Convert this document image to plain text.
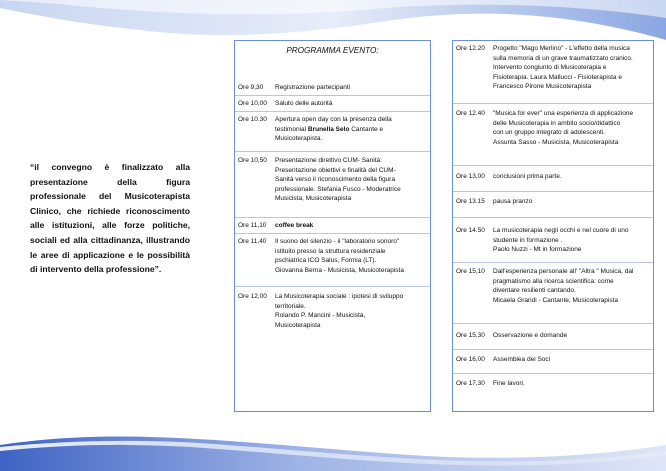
“il convegno è finalizzato alla presentazione della figura professionale del Musicoterapista Clinico, che richiede riconoscimento alle istituzioni, alle forze politiche, sociali ed alla cittadinanza, illustrando le aree di applicazione e le possibilità di intervento della professione”.
PROGRAMMA EVENTO:
Ore 9,30	Registrazione partecipanti
Ore 10,00	Saluto delle autorità
Ore 10.30	Apertura open day con la presenza della
testimonial Brunella Selo Cantante e
Musicoterapista.
Ore 10,50	Presentazione direttivo CUM- Sanità:
Presentazione obiettivi e finalità del CUM-
Sanità verso il riconoscimento della figura
professionale. Stefania Fusco - Moderatrice
Musicista, Musicoterapista
Ore 11,10	coffee break
Ore 11,40	Il suono del silenzio - il "laboratorio sonoro"
istituito presso la struttura residenziale
pschiatrica ICO Salus, Formia (LT).
Giovanna Berna - Musicista, Musicoterapista
Ore 12,00	La Musicoterapia sociale : ipotesi di sviluppo
territoriale.
Rolando P. Mancini - Musicista,
Musicoterapista
Ore 12.20	Progetto "Mago Merlino" - L'effetto della musica
sulla memoria di un grave traumatizzato cranico.
Intervento congiunto di Musicoterapia e
Fisioterapia. Laura Mallucci - Fisioterapista e
Francesco Pirone Musicoterapista
Ore 12.40	"Musica for ever" una esperienza di applicazione
delle Musicoterapia in ambito socio/didattico
con un gruppo integrato di adolescenti.
Assunta Sasso - Musicista, Musicoterapista
Ore 13,00	conclusioni prima parte.
Ore 13.15	pausa pranzo
Ore 14.50	La musicoterapia negli occhi e nel cuore di uno
studente in formazione .
Paolo Nuzzi - Mt in formazione
Ore 15,10	Dall'esperienza personale all' "Altra " Musica, dal
pragmatismo alla ricerca scientifica: come
diventare resilienti cantando.
Micaela Grandi - Cantante, Musicoterapista
Ore 15,30	Osservazione e domande
Ore 16,00	Assemblea dei Soci
Ore 17,30	Fine lavori.
